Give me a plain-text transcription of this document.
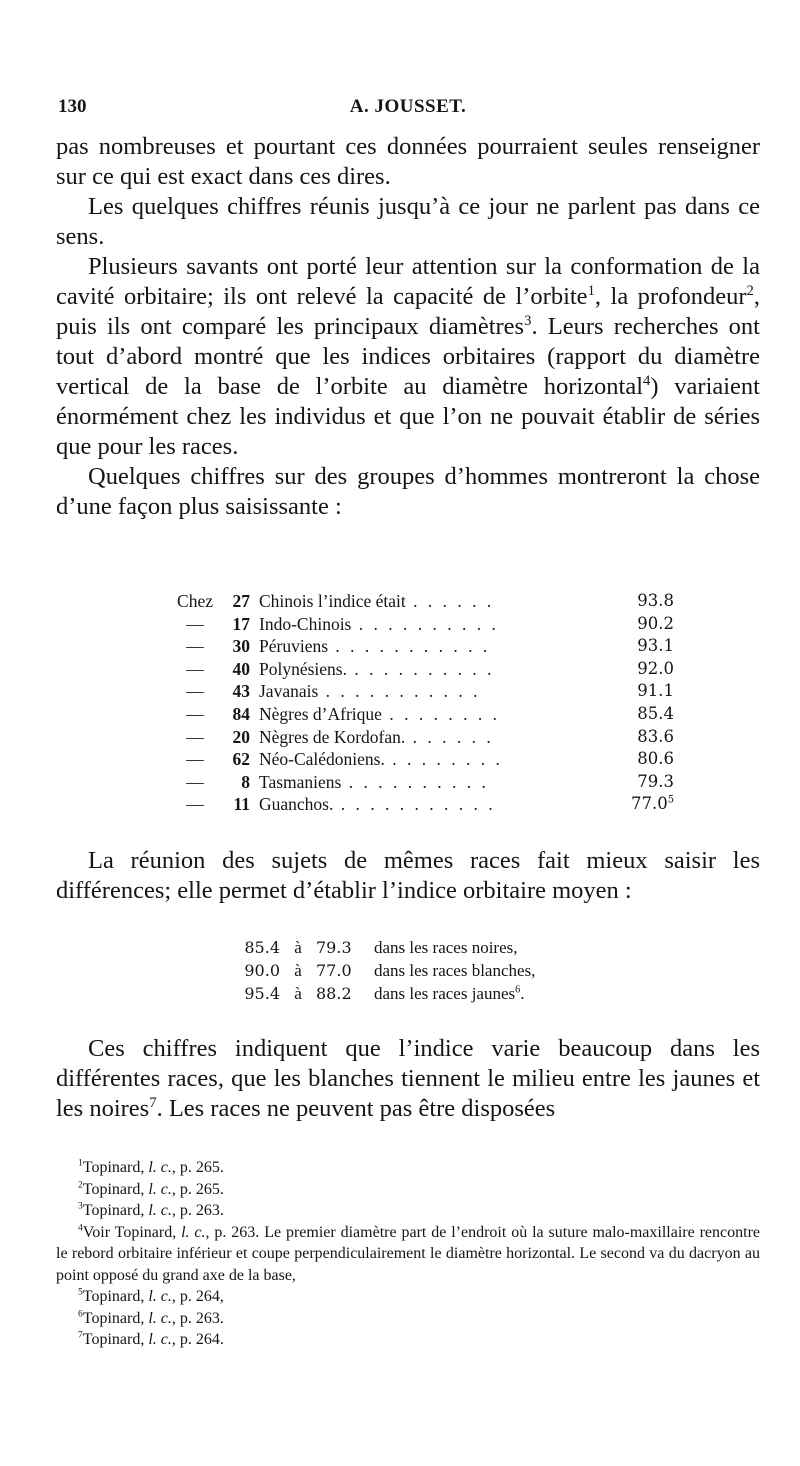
130	A. JOUSSET.

pas nombreuses et pourtant ces données pourraient seules renseigner sur ce qui est exact dans ces dires.

Les quelques chiffres réunis jusqu’à ce jour ne parlent pas dans ce sens.

Plusieurs savants ont porté leur attention sur la conformation de la cavité orbitaire; ils ont relevé la capacité de l’orbite$^1$, la profondeur$^2$, puis ils ont comparé les principaux diamètres$^3$. Leurs recherches ont tout d’abord montré que les indices orbitaires (rapport du diamètre vertical de la base de l’orbite au diamètre horizontal$^4$) variaient énormément chez les individus et que l’on ne pouvait établir de séries que pour les races.

Quelques chiffres sur des groupes d’hommes montreront la chose d’une façon plus saisissante :

Chez	27 Chinois l’indice était . . . . . .	93.8
—	17 Indo-Chinois . . . . . . . . . .	90.2
—	30 Péruviens . . . . . . . . . . .	93.1
—	40 Polynésiens. . . . . . . . . . .	92.0
—	43 Javanais . . . . . . . . . . .	91.1
—	84 Nègres d’Afrique . . . . . . . .	85.4
—	20 Nègres de Kordofan. . . . . . .	83.6
—	62 Néo-Calédoniens. . . . . . . . .	80.6
—	8 Tasmaniens . . . . . . . . . .	79.3
—	11 Guanchos. . . . . . . . . . . .	77.0$^5$

La réunion des sujets de mêmes races fait mieux saisir les différences; elle permet d’établir l’indice orbitaire moyen :

85.4 à 79.3	dans les races noires,
90.0 à 77.0	dans les races blanches,
95.4 à 88.2	dans les races jaunes$^6$.

Ces chiffres indiquent que l’indice varie beaucoup dans les différentes races, que les blanches tiennent le milieu entre les jaunes et les noires$^7$. Les races ne peuvent pas être disposées

$^1$Topinard, l. c., p. 265.

$^2$Topinard, l. c., p. 265.

$^3$Topinard, l. c., p. 263.

$^4$Voir Topinard, l. c., p. 263. Le premier diamètre part de l’endroit où la suture malo-maxillaire rencontre le rebord orbitaire inférieur et coupe perpendiculairement le diamètre horizontal. Le second va du dacryon au point opposé du grand axe de la base,

$^5$Topinard, l. c., p. 264,

$^6$Topinard, l. c., p. 263.

$^7$Topinard, l. c., p. 264.
